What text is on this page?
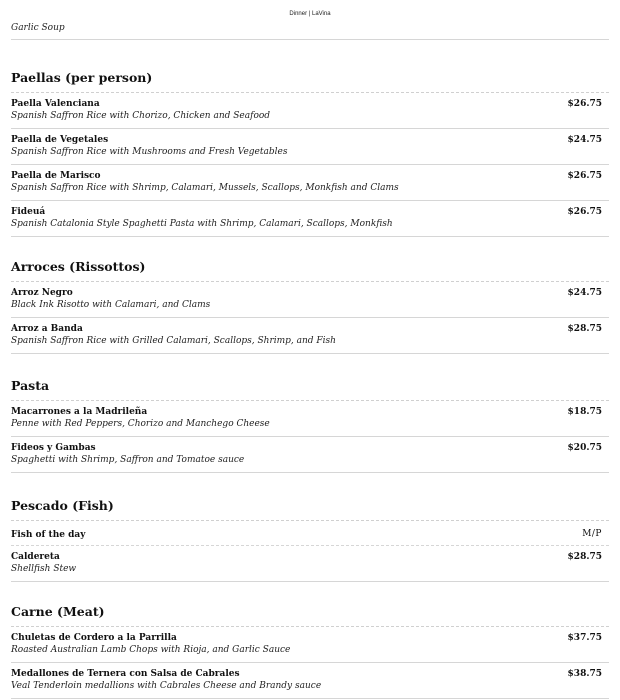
Dinner | LaVina
Garlic Soup
Paellas (per person)
Paella Valenciana
Spanish Saffron Rice with Chorizo, Chicken and Seafood
$26.75
Paella de Vegetales
Spanish Saffron Rice with Mushrooms and Fresh Vegetables
$24.75
Paella de Marisco
Spanish Saffron Rice with Shrimp, Calamari, Mussels, Scallops, Monkfish and Clams
$26.75
Fideuá
Spanish Catalonia Style Spaghetti Pasta with Shrimp, Calamari, Scallops, Monkfish
$26.75
Arroces (Rissottos)
Arroz Negro
Black Ink Risotto with Calamari, and Clams
$24.75
Arroz a Banda
Spanish Saffron Rice with Grilled Calamari, Scallops, Shrimp, and Fish
$28.75
Pasta
Macarrones a la Madrileña
Penne with Red Peppers, Chorizo and Manchego Cheese
$18.75
Fideos y Gambas
Spaghetti with Shrimp, Saffron and Tomatoe sauce
$20.75
Pescado (Fish)
Fish of the day	M/P
Caldereta
Shellfish Stew
$28.75
Carne (Meat)
Chuletas de Cordero a la Parrilla
Roasted Australian Lamb Chops with Rioja, and Garlic Sauce
$37.75
Medallones de Ternera con Salsa de Cabrales
Veal Tenderloin medallions with Cabrales Cheese and Brandy sauce
$38.75
